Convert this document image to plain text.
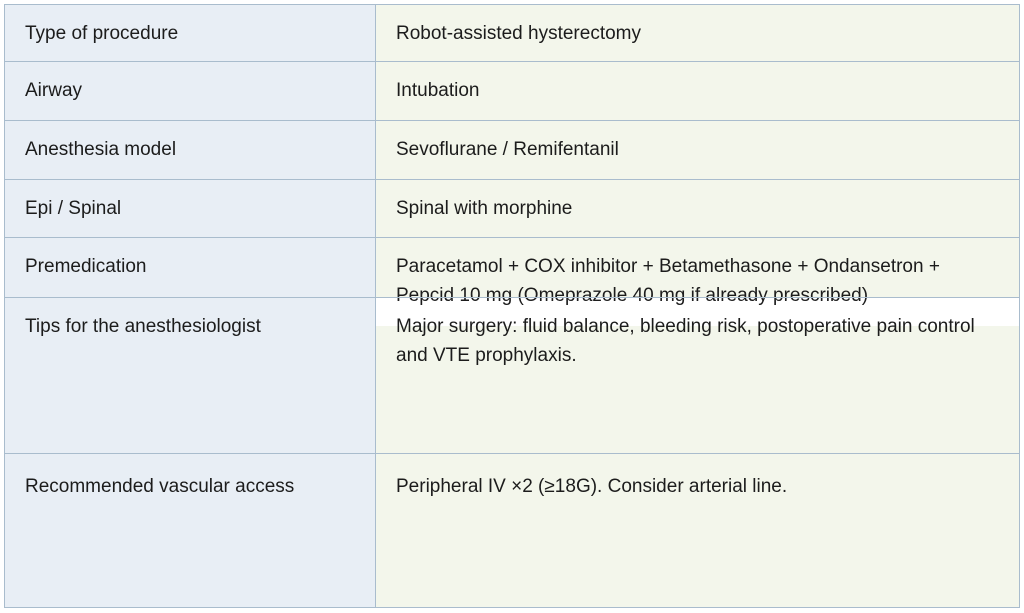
Type of procedure	Robot-assisted hysterectomy
Airway	Intubation
Anesthesia model	Sevoflurane / Remifentanil
Epi / Spinal	Spinal with morphine
Premedication	Paracetamol + COX inhibitor + Betamethasone + Ondansetron + Pepcid 10 mg (Omeprazole 40 mg if already prescribed)
Tips for the anesthesiologist	Major surgery: fluid balance, bleeding risk, postoperative pain control and VTE prophylaxis.
Recommended vascular access	Peripheral IV ×2 (≥18G). Consider arterial line.
